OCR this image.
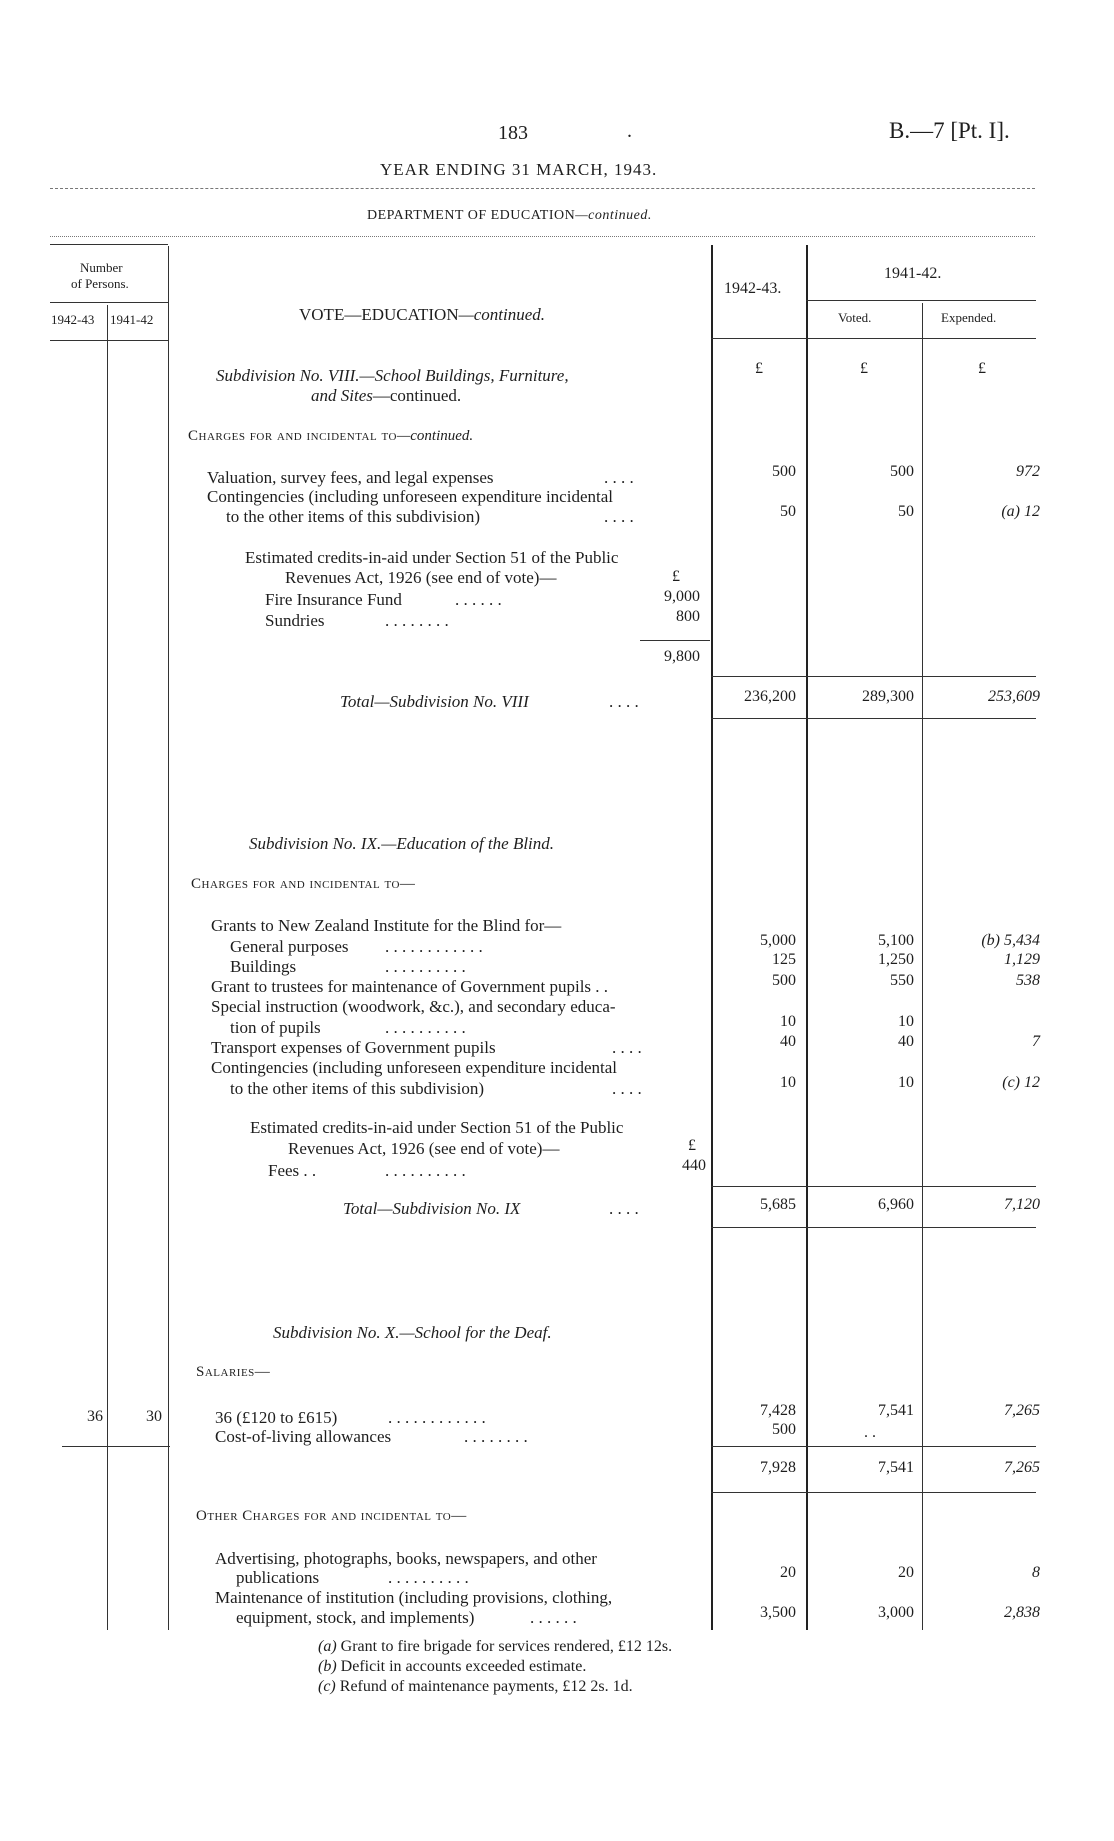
183	.	B.—7 [Pt. I].
YEAR ENDING 31 MARCH, 1943.
DEPARTMENT OF EDUCATION—continued.
Number
of Persons.
1942-43 1941-42	VOTE—EDUCATION—continued.
1942-43.
1941-42.
Voted.	Expended.
Subdivision No. VIII.—School Buildings, Furniture,
and Sites—continued.
£	£	£
Charges for and incidental to—continued.
Valuation, survey fees, and legal expenses	. . . .	500	500	972
Contingencies (including unforeseen expenditure incidental
to the other items of this subdivision)	. . . .	50	50	(a) 12
Estimated credits-in-aid under Section 51 of the Public
Revenues Act, 1926 (see end of vote)—	£
Fire Insurance Fund	. . . . . .	9,000
Sundries	. . . . . . . .	800
9,800
Total—Subdivision No. VIII	. . . .	236,200	289,300	253,609
Subdivision No. IX.—Education of the Blind.
Charges for and incidental to—
Grants to New Zealand Institute for the Blind for—
General purposes . . . . . . . . . . . .	5,000	5,100	(b) 5,434
Buildings	. . . . . . . . . .	125	1,250	1,129
Grant to trustees for maintenance of Government pupils . .	500	550	538
Special instruction (woodwork, &c.), and secondary educa-
tion of pupils	. . . . . . . . . .	10	10
Transport expenses of Government pupils	. . . .	40	40	7
Contingencies (including unforeseen expenditure incidental
to the other items of this subdivision)	. . . .	10	10	(c) 12
Estimated credits-in-aid under Section 51 of the Public
Revenues Act, 1926 (see end of vote)—	£
Fees . .	. . . . . . . . . .	440
Total—Subdivision No. IX	. . . .	5,685	6,960	7,120
Subdivision No. X.—School for the Deaf.
Salaries—
36	30	36 (£120 to £615)	. . . . . . . . . . . .	7,428	7,541	7,265
Cost-of-living allowances	. . . . . . . .	500	. .
7,928	7,541	7,265
Other Charges for and incidental to—
Advertising, photographs, books, newspapers, and other
publications	. . . . . . . . . .	20	20	8
Maintenance of institution (including provisions, clothing,
equipment, stock, and implements)	. . . . . .	3,500	3,000	2,838
(a) Grant to fire brigade for services rendered, £12 12s.
(b) Deficit in accounts exceeded estimate.
(c) Refund of maintenance payments, £12 2s. 1d.
